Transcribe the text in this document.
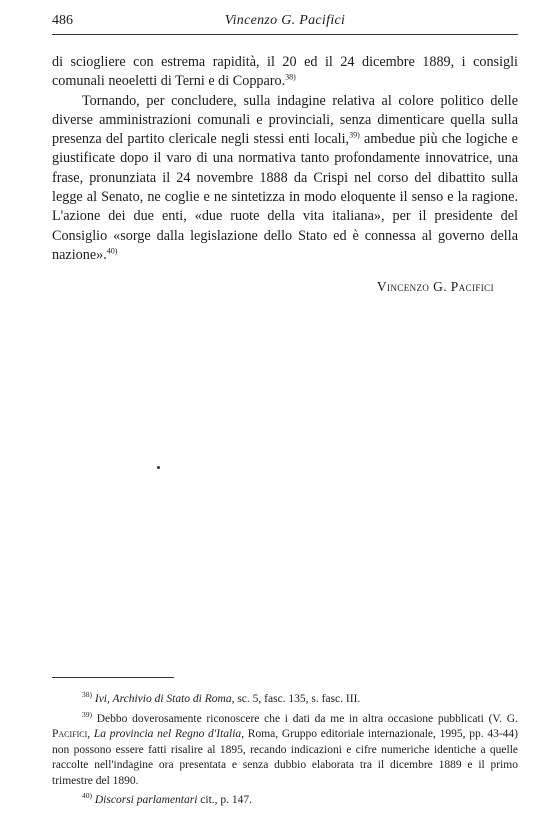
486	Vincenzo G. Pacifici

di sciogliere con estrema rapidità, il 20 ed il 24 dicembre 1889, i consigli comunali neoeletti di Terni e di Copparo.$^{38)}$

Tornando, per concludere, sulla indagine relativa al colore politico delle diverse amministrazioni comunali e provinciali, senza dimenticare quella sulla presenza del partito clericale negli stessi enti locali,$^{39)}$ ambedue più che logiche e giustificate dopo il varo di una normativa tanto profondamente innovatrice, una frase, pronunziata il 24 novembre 1888 da Crispi nel corso del dibattito sulla legge al Senato, ne coglie e ne sintetizza in modo eloquente il senso e la ragione. L'azione dei due enti, «due ruote della vita italiana», per il presidente del Consiglio «sorge dalla legislazione dello Stato ed è connessa al governo della nazione».$^{40)}$

Vincenzo G. Pacifici

$^{38)}$ Ivi, Archivio di Stato di Roma, sc. 5, fasc. 135, s. fasc. III.

$^{39)}$ Debbo doverosamente riconoscere che i dati da me in altra occasione pubblicati (V. G. Pacifici, La provincia nel Regno d'Italia, Roma, Gruppo editoriale internazionale, 1995, pp. 43-44) non possono essere fatti risalire al 1895, recando indicazioni e cifre numeriche identiche a quelle raccolte nell'indagine ora presentata e senza dubbio elaborata tra il dicembre 1889 e il primo trimestre del 1890.

$^{40)}$ Discorsi parlamentari cit., p. 147.
